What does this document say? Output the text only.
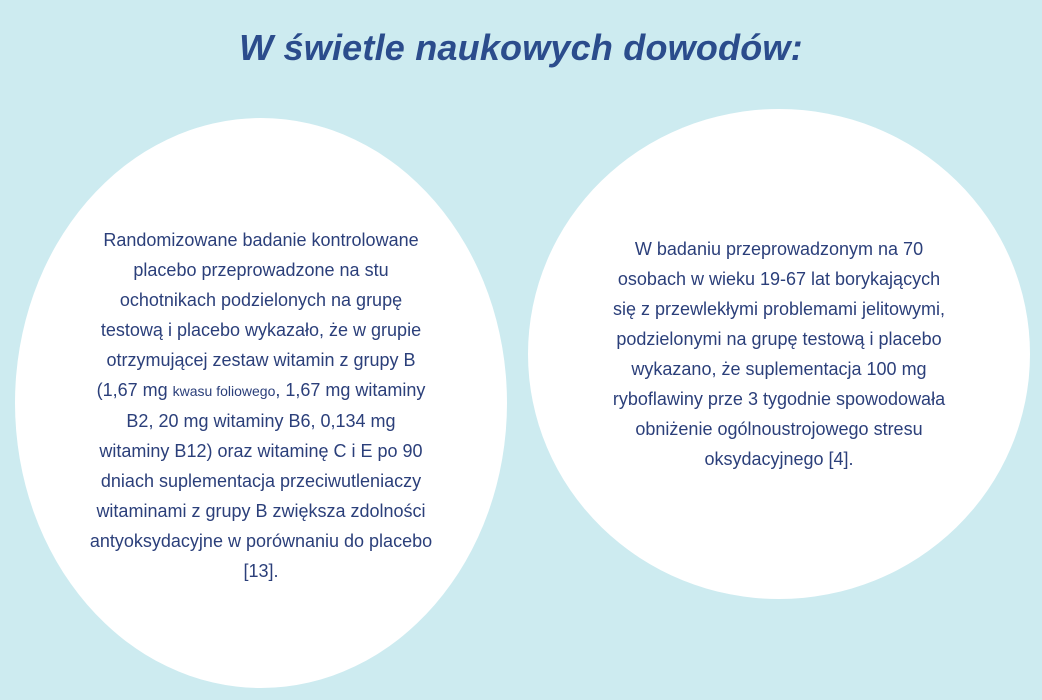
W świetle naukowych dowodów:

Randomizowane badanie kontrolowane placebo przeprowadzone na stu ochotnikach podzielonych na grupę testową i placebo wykazało, że w grupie otrzymującej zestaw witamin z grupy B (1,67 mg kwasu foliowego, 1,67 mg witaminy B2, 20 mg witaminy B6, 0,134 mg witaminy B12) oraz witaminę C i E po 90 dniach suplementacja przeciwutleniaczy witaminami z grupy B zwiększa zdolności antyoksydacyjne w porównaniu do placebo [13].

W badaniu przeprowadzonym na 70 osobach w wieku 19-67 lat borykających się z przewlekłymi problemami jelitowymi, podzielonymi na grupę testową i placebo wykazano, że suplementacja 100 mg ryboflawiny prze 3 tygodnie spowodowała obniżenie ogólnoustrojowego stresu oksydacyjnego [4].
